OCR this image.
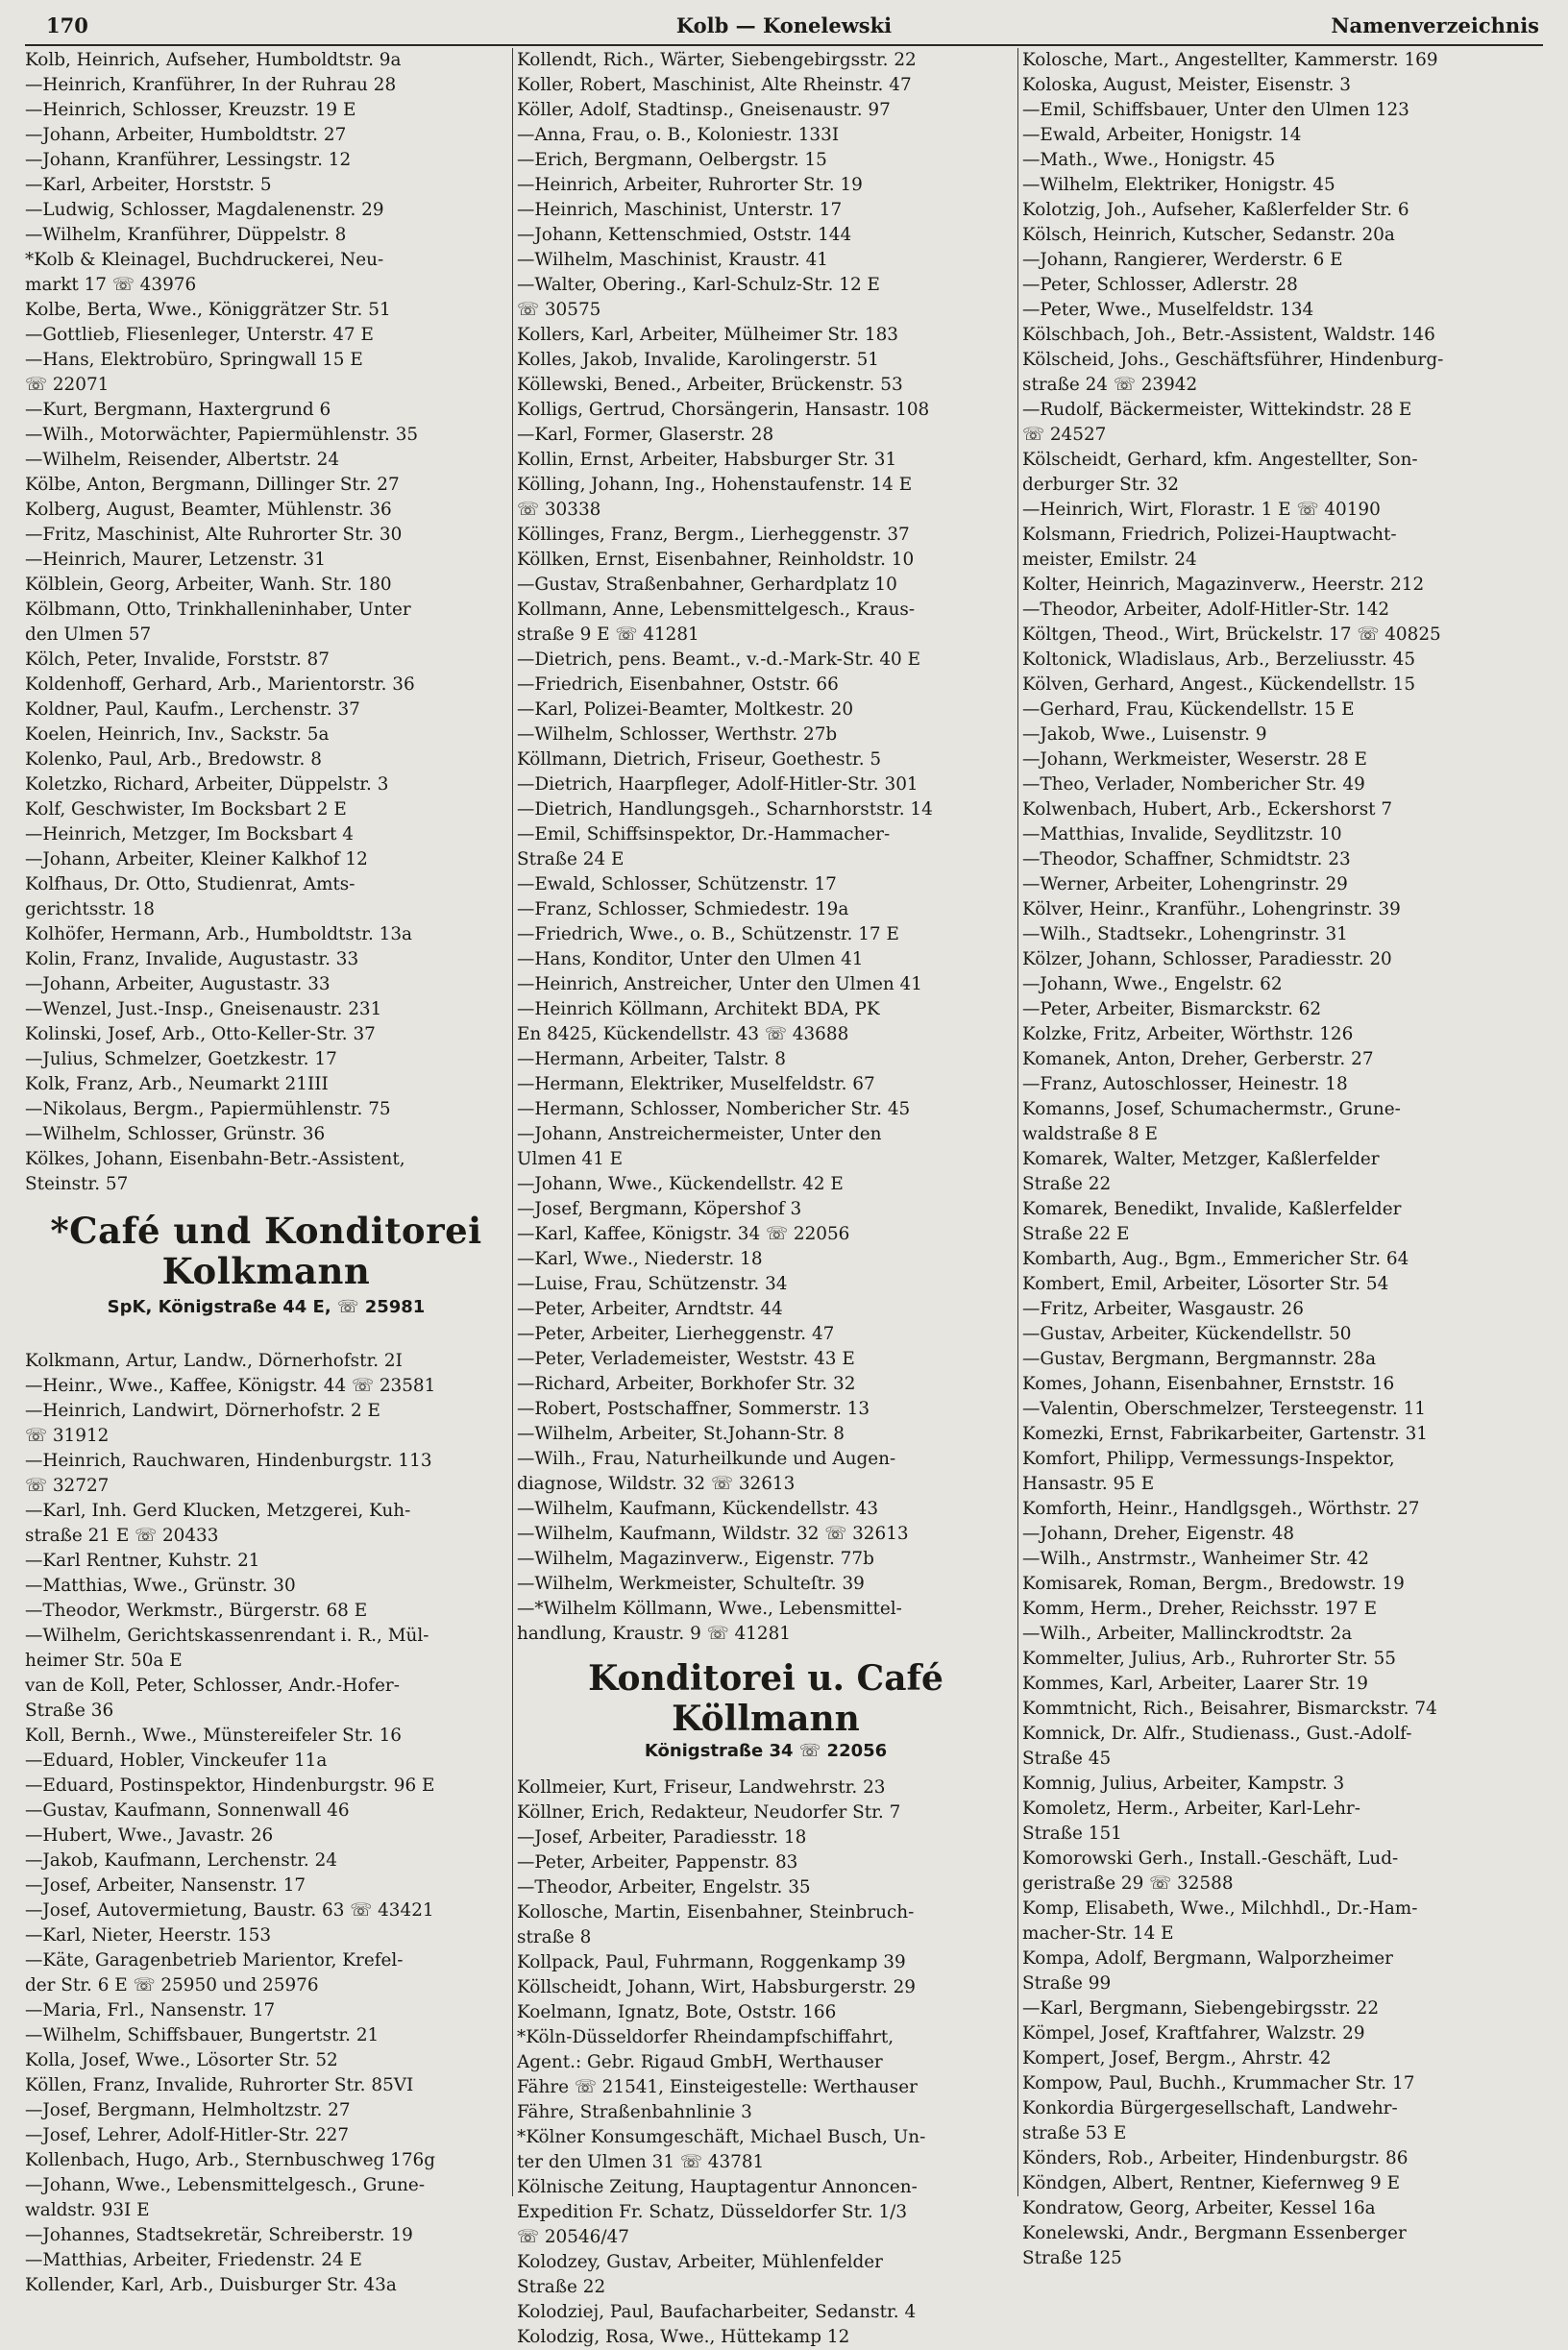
170	Kolb — Konelewski	Namenverzeichnis
Kolb, Heinrich, Aufseher, Humboldtstr. 9a
—Heinrich, Kranführer, In der Ruhrau 28
—Heinrich, Schlosser, Kreuzstr. 19 E
—Johann, Arbeiter, Humboldtstr. 27
—Johann, Kranführer, Lessingstr. 12
—Karl, Arbeiter, Horststr. 5
—Ludwig, Schlosser, Magdalenenstr. 29
—Wilhelm, Kranführer, Düppelstr. 8
*Kolb & Kleinagel, Buchdruckerei, Neu-
markt 17 ☏ 43976
Kolbe, Berta, Wwe., Königgrätzer Str. 51
—Gottlieb, Fliesenleger, Unterstr. 47 E
—Hans, Elektrobüro, Springwall 15 E
☏ 22071
—Kurt, Bergmann, Haxtergrund 6
—Wilh., Motorwächter, Papiermühlenstr. 35
—Wilhelm, Reisender, Albertstr. 24
Kölbe, Anton, Bergmann, Dillinger Str. 27
Kolberg, August, Beamter, Mühlenstr. 36
—Fritz, Maschinist, Alte Ruhrorter Str. 30
—Heinrich, Maurer, Letzenstr. 31
Kölblein, Georg, Arbeiter, Wanh. Str. 180
Kölbmann, Otto, Trinkhalleninhaber, Unter
den Ulmen 57
Kölch, Peter, Invalide, Forststr. 87
Koldenhoff, Gerhard, Arb., Marientorstr. 36
Koldner, Paul, Kaufm., Lerchenstr. 37
Koelen, Heinrich, Inv., Sackstr. 5a
Kolenko, Paul, Arb., Bredowstr. 8
Koletzko, Richard, Arbeiter, Düppelstr. 3
Kolf, Geschwister, Im Bocksbart 2 E
—Heinrich, Metzger, Im Bocksbart 4
—Johann, Arbeiter, Kleiner Kalkhof 12
Kolfhaus, Dr. Otto, Studienrat, Amts-
gerichtsstr. 18
Kolhöfer, Hermann, Arb., Humboldtstr. 13a
Kolin, Franz, Invalide, Augustastr. 33
—Johann, Arbeiter, Augustastr. 33
—Wenzel, Just.-Insp., Gneisenaustr. 231
Kolinski, Josef, Arb., Otto-Keller-Str. 37
—Julius, Schmelzer, Goetzkestr. 17
Kolk, Franz, Arb., Neumarkt 21III
—Nikolaus, Bergm., Papiermühlenstr. 75
—Wilhelm, Schlosser, Grünstr. 36
Kölkes, Johann, Eisenbahn-Betr.-Assistent,
Steinstr. 57
*Café und Konditorei
Kolkmann
SpK, Königstraße 44 E, ☏ 25981
Kolkmann, Artur, Landw., Dörnerhofstr. 2I
—Heinr., Wwe., Kaffee, Königstr. 44 ☏ 23581
—Heinrich, Landwirt, Dörnerhofstr. 2 E
☏ 31912
—Heinrich, Rauchwaren, Hindenburgstr. 113
☏ 32727
—Karl, Inh. Gerd Klucken, Metzgerei, Kuh-
straße 21 E ☏ 20433
—Karl Rentner, Kuhstr. 21
—Matthias, Wwe., Grünstr. 30
—Theodor, Werkmstr., Bürgerstr. 68 E
—Wilhelm, Gerichtskassenrendant i. R., Mül-
heimer Str. 50a E
van de Koll, Peter, Schlosser, Andr.-Hofer-
Straße 36
Koll, Bernh., Wwe., Münstereifeler Str. 16
—Eduard, Hobler, Vinckeufer 11a
—Eduard, Postinspektor, Hindenburgstr. 96 E
—Gustav, Kaufmann, Sonnenwall 46
—Hubert, Wwe., Javastr. 26
—Jakob, Kaufmann, Lerchenstr. 24
—Josef, Arbeiter, Nansenstr. 17
—Josef, Autovermietung, Baustr. 63 ☏ 43421
—Karl, Nieter, Heerstr. 153
—Käte, Garagenbetrieb Marientor, Krefel-
der Str. 6 E ☏ 25950 und 25976
—Maria, Frl., Nansenstr. 17
—Wilhelm, Schiffsbauer, Bungertstr. 21
Kolla, Josef, Wwe., Lösorter Str. 52
Köllen, Franz, Invalide, Ruhrorter Str. 85VI
—Josef, Bergmann, Helmholtzstr. 27
—Josef, Lehrer, Adolf-Hitler-Str. 227
Kollenbach, Hugo, Arb., Sternbuschweg 176g
—Johann, Wwe., Lebensmittelgesch., Grune-
waldstr. 93I E
—Johannes, Stadtsekretär, Schreiberstr. 19
—Matthias, Arbeiter, Friedenstr. 24 E
Kollender, Karl, Arb., Duisburger Str. 43a
Kollendt, Rich., Wärter, Siebengebirgsstr. 22
Koller, Robert, Maschinist, Alte Rheinstr. 47
Köller, Adolf, Stadtinsp., Gneisenaustr. 97
—Anna, Frau, o. B., Koloniestr. 133I
—Erich, Bergmann, Oelbergstr. 15
—Heinrich, Arbeiter, Ruhrorter Str. 19
—Heinrich, Maschinist, Unterstr. 17
—Johann, Kettenschmied, Oststr. 144
—Wilhelm, Maschinist, Kraustr. 41
—Walter, Obering., Karl-Schulz-Str. 12 E
☏ 30575
Kollers, Karl, Arbeiter, Mülheimer Str. 183
Kolles, Jakob, Invalide, Karolingerstr. 51
Köllewski, Bened., Arbeiter, Brückenstr. 53
Kolligs, Gertrud, Chorsängerin, Hansastr. 108
—Karl, Former, Glaserstr. 28
Kollin, Ernst, Arbeiter, Habsburger Str. 31
Kölling, Johann, Ing., Hohenstaufenstr. 14 E
☏ 30338
Köllinges, Franz, Bergm., Lierheggenstr. 37
Köllken, Ernst, Eisenbahner, Reinholdstr. 10
—Gustav, Straßenbahner, Gerhardplatz 10
Kollmann, Anne, Lebensmittelgesch., Kraus-
straße 9 E ☏ 41281
—Dietrich, pens. Beamt., v.-d.-Mark-Str. 40 E
—Friedrich, Eisenbahner, Oststr. 66
—Karl, Polizei-Beamter, Moltkestr. 20
—Wilhelm, Schlosser, Werthstr. 27b
Köllmann, Dietrich, Friseur, Goethestr. 5
—Dietrich, Haarpfleger, Adolf-Hitler-Str. 301
—Dietrich, Handlungsgeh., Scharnhorststr. 14
—Emil, Schiffsinspektor, Dr.-Hammacher-
Straße 24 E
—Ewald, Schlosser, Schützenstr. 17
—Franz, Schlosser, Schmiedestr. 19a
—Friedrich, Wwe., o. B., Schützenstr. 17 E
—Hans, Konditor, Unter den Ulmen 41
—Heinrich, Anstreicher, Unter den Ulmen 41
—Heinrich Köllmann, Architekt BDA, PK
En 8425, Kückendellstr. 43 ☏ 43688
—Hermann, Arbeiter, Talstr. 8
—Hermann, Elektriker, Muselfeldstr. 67
—Hermann, Schlosser, Nombericher Str. 45
—Johann, Anstreichermeister, Unter den
Ulmen 41 E
—Johann, Wwe., Kückendellstr. 42 E
—Josef, Bergmann, Köpershof 3
—Karl, Kaffee, Königstr. 34 ☏ 22056
—Karl, Wwe., Niederstr. 18
—Luise, Frau, Schützenstr. 34
—Peter, Arbeiter, Arndtstr. 44
—Peter, Arbeiter, Lierheggenstr. 47
—Peter, Verlademeister, Weststr. 43 E
—Richard, Arbeiter, Borkhofer Str. 32
—Robert, Postschaffner, Sommerstr. 13
—Wilhelm, Arbeiter, St.Johann-Str. 8
—Wilh., Frau, Naturheilkunde und Augen-
diagnose, Wildstr. 32 ☏ 32613
—Wilhelm, Kaufmann, Kückendellstr. 43
—Wilhelm, Kaufmann, Wildstr. 32 ☏ 32613
—Wilhelm, Magazinverw., Eigenstr. 77b
—Wilhelm, Werkmeister, Schulteſtr. 39
—*Wilhelm Köllmann, Wwe., Lebensmittel-
handlung, Kraustr. 9 ☏ 41281
Konditorei u. Café Köllmann
Königstraße 34 ☏ 22056
Kollmeier, Kurt, Friseur, Landwehrstr. 23
Köllner, Erich, Redakteur, Neudorfer Str. 7
—Josef, Arbeiter, Paradiesstr. 18
—Peter, Arbeiter, Pappenstr. 83
—Theodor, Arbeiter, Engelstr. 35
Kollosche, Martin, Eisenbahner, Steinbruch-
straße 8
Kollpack, Paul, Fuhrmann, Roggenkamp 39
Köllscheidt, Johann, Wirt, Habsburgerstr. 29
Koelmann, Ignatz, Bote, Oststr. 166
*Köln-Düsseldorfer Rheindampfschiffahrt,
Agent.: Gebr. Rigaud GmbH, Werthauser
Fähre ☏ 21541, Einsteigestelle: Werthauser
Fähre, Straßenbahnlinie 3
*Kölner Konsumgeschäft, Michael Busch, Un-
ter den Ulmen 31 ☏ 43781
Kölnische Zeitung, Hauptagentur Annoncen-
Expedition Fr. Schatz, Düsseldorfer Str. 1/3
☏ 20546/47
Kolodzey, Gustav, Arbeiter, Mühlenfelder
Straße 22
Kolodziej, Paul, Baufacharbeiter, Sedanstr. 4
Kolodzig, Rosa, Wwe., Hüttekamp 12
Kolosche, Mart., Angestellter, Kammerstr. 169
Koloska, August, Meister, Eisenstr. 3
—Emil, Schiffsbauer, Unter den Ulmen 123
—Ewald, Arbeiter, Honigstr. 14
—Math., Wwe., Honigstr. 45
—Wilhelm, Elektriker, Honigstr. 45
Kolotzig, Joh., Aufseher, Kaßlerfelder Str. 6
Kölsch, Heinrich, Kutscher, Sedanstr. 20a
—Johann, Rangierer, Werderstr. 6 E
—Peter, Schlosser, Adlerstr. 28
—Peter, Wwe., Muselfeldstr. 134
Kölschbach, Joh., Betr.-Assistent, Waldstr. 146
Kölscheid, Johs., Geschäftsführer, Hindenburg-
straße 24 ☏ 23942
—Rudolf, Bäckermeister, Wittekindstr. 28 E
☏ 24527
Kölscheidt, Gerhard, kfm. Angestellter, Son-
derburger Str. 32
—Heinrich, Wirt, Florastr. 1 E ☏ 40190
Kolsmann, Friedrich, Polizei-Hauptwacht-
meister, Emilstr. 24
Kolter, Heinrich, Magazinverw., Heerstr. 212
—Theodor, Arbeiter, Adolf-Hitler-Str. 142
Költgen, Theod., Wirt, Brückelstr. 17 ☏ 40825
Koltonick, Wladislaus, Arb., Berzeliusstr. 45
Kölven, Gerhard, Angest., Kückendellstr. 15
—Gerhard, Frau, Kückendellstr. 15 E
—Jakob, Wwe., Luisenstr. 9
—Johann, Werkmeister, Weserstr. 28 E
—Theo, Verlader, Nombericher Str. 49
Kolwenbach, Hubert, Arb., Eckershorst 7
—Matthias, Invalide, Seydlitzstr. 10
—Theodor, Schaffner, Schmidtstr. 23
—Werner, Arbeiter, Lohengrinstr. 29
Kölver, Heinr., Kranführ., Lohengrinstr. 39
—Wilh., Stadtsekr., Lohengrinstr. 31
Kölzer, Johann, Schlosser, Paradiesstr. 20
—Johann, Wwe., Engelstr. 62
—Peter, Arbeiter, Bismarckstr. 62
Kolzke, Fritz, Arbeiter, Wörthstr. 126
Komanek, Anton, Dreher, Gerberstr. 27
—Franz, Autoschlosser, Heinestr. 18
Komanns, Josef, Schumachermstr., Grune-
waldstraße 8 E
Komarek, Walter, Metzger, Kaßlerfelder
Straße 22
Komarek, Benedikt, Invalide, Kaßlerfelder
Straße 22 E
Kombarth, Aug., Bgm., Emmericher Str. 64
Kombert, Emil, Arbeiter, Lösorter Str. 54
—Fritz, Arbeiter, Wasgaustr. 26
—Gustav, Arbeiter, Kückendellstr. 50
—Gustav, Bergmann, Bergmannstr. 28a
Komes, Johann, Eisenbahner, Ernststr. 16
—Valentin, Oberschmelzer, Tersteegenstr. 11
Komezki, Ernst, Fabrikarbeiter, Gartenstr. 31
Komfort, Philipp, Vermessungs-Inspektor,
Hansastr. 95 E
Komforth, Heinr., Handlgsgeh., Wörthstr. 27
—Johann, Dreher, Eigenstr. 48
—Wilh., Anstrmstr., Wanheimer Str. 42
Komisarek, Roman, Bergm., Bredowstr. 19
Komm, Herm., Dreher, Reichsstr. 197 E
—Wilh., Arbeiter, Mallinckrodtstr. 2a
Kommelter, Julius, Arb., Ruhrorter Str. 55
Kommes, Karl, Arbeiter, Laarer Str. 19
Kommtnicht, Rich., Beisahrer, Bismarckstr. 74
Komnick, Dr. Alfr., Studienass., Gust.-Adolf-
Straße 45
Komnig, Julius, Arbeiter, Kampstr. 3
Komoletz, Herm., Arbeiter, Karl-Lehr-
Straße 151
Komorowski Gerh., Install.-Geschäft, Lud-
geristraße 29 ☏ 32588
Komp, Elisabeth, Wwe., Milchhdl., Dr.-Ham-
macher-Str. 14 E
Kompa, Adolf, Bergmann, Walporzheimer
Straße 99
—Karl, Bergmann, Siebengebirgsstr. 22
Kömpel, Josef, Kraftfahrer, Walzstr. 29
Kompert, Josef, Bergm., Ahrstr. 42
Kompow, Paul, Buchh., Krummacher Str. 17
Konkordia Bürgergesellschaft, Landwehr-
straße 53 E
Könders, Rob., Arbeiter, Hindenburgstr. 86
Köndgen, Albert, Rentner, Kiefernweg 9 E
Kondratow, Georg, Arbeiter, Kessel 16a
Konelewski, Andr., Bergmann Essenberger
Straße 125
